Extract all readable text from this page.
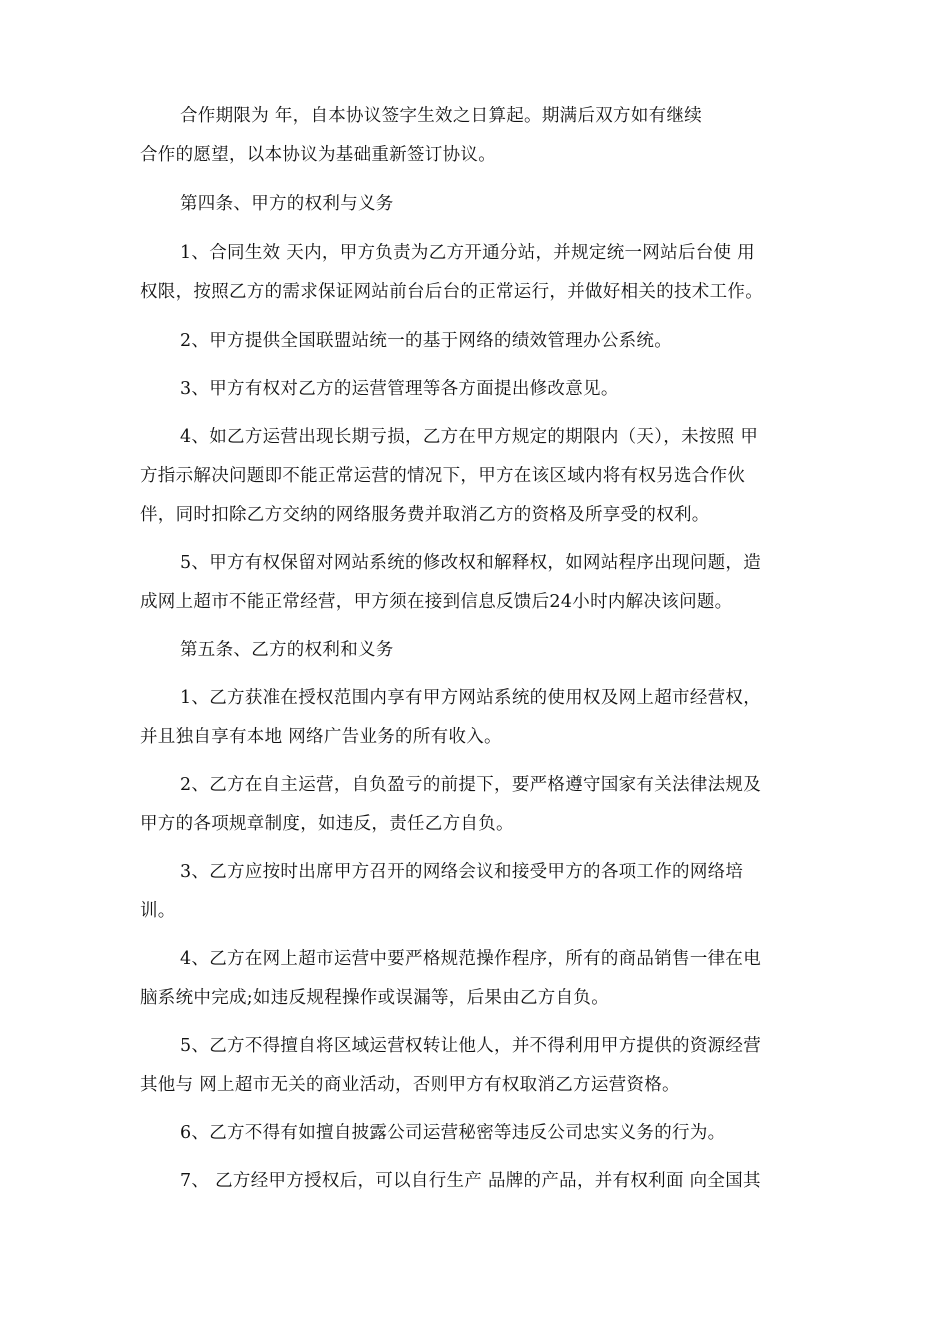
合作期限为 年，自本协议签字生效之日算起。期满后双方如有继续

合作的愿望，以本协议为基础重新签订协议。

第四条、甲方的权利与义务

1、合同生效 天内，甲方负责为乙方开通分站，并规定统一网站后台使 用

权限，按照乙方的需求保证网站前台后台的正常运行，并做好相关的技术工作。

2、甲方提供全国联盟站统一的基于网络的绩效管理办公系统。

3、甲方有权对乙方的运营管理等各方面提出修改意见。

4、如乙方运营出现长期亏损，乙方在甲方规定的期限内（天），未按照 甲

方指示解决问题即不能正常运营的情况下，甲方在该区域内将有权另选合作伙

伴，同时扣除乙方交纳的网络服务费并取消乙方的资格及所享受的权利。

5、甲方有权保留对网站系统的修改权和解释权，如网站程序出现问题，造

成网上超市不能正常经营，甲方须在接到信息反馈后24小时内解决该问题。

第五条、乙方的权利和义务

1、乙方获准在授权范围内享有甲方网站系统的使用权及网上超市经营权，

并且独自享有本地 网络广告业务的所有收入。

2、乙方在自主运营，自负盈亏的前提下，要严格遵守国家有关法律法规及

甲方的各项规章制度，如违反，责任乙方自负。

3、乙方应按时出席甲方召开的网络会议和接受甲方的各项工作的网络培

训。

4、乙方在网上超市运营中要严格规范操作程序，所有的商品销售一律在电

脑系统中完成;如违反规程操作或误漏等，后果由乙方自负。

5、乙方不得擅自将区域运营权转让他人，并不得利用甲方提供的资源经营

其他与 网上超市无关的商业活动，否则甲方有权取消乙方运营资格。

6、乙方不得有如擅自披露公司运营秘密等违反公司忠实义务的行为。

7、 乙方经甲方授权后，可以自行生产 品牌的产品，并有权利面 向全国其
